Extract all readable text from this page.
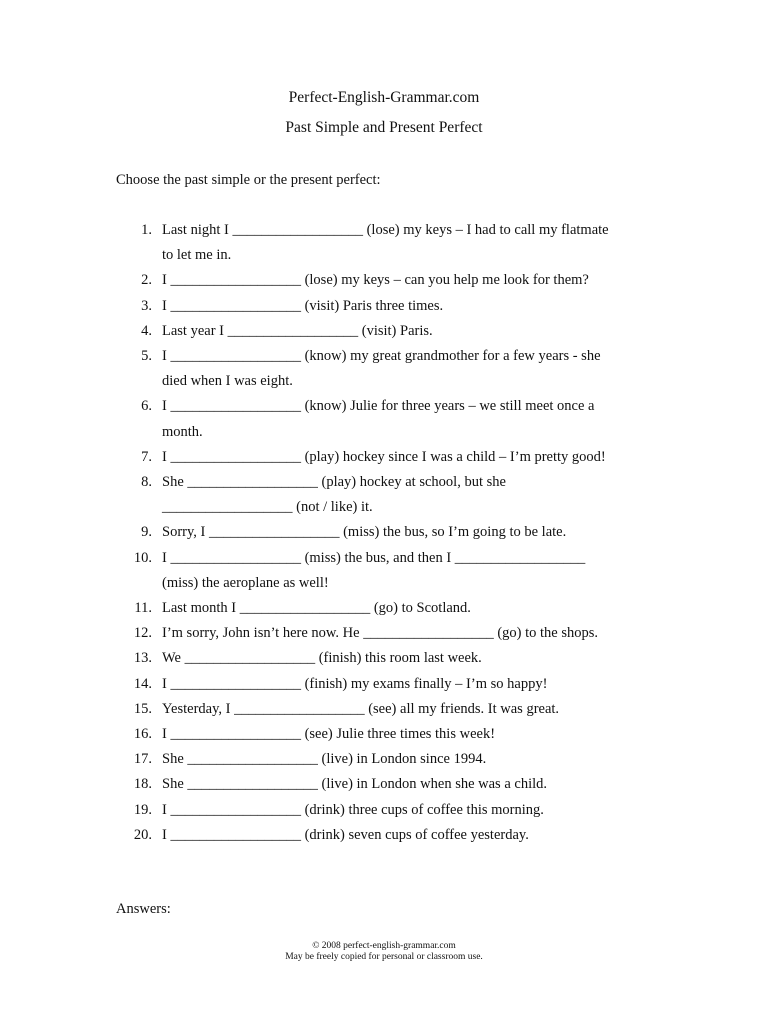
Perfect-English-Grammar.com
Past Simple and Present Perfect
Choose the past simple or the present perfect:
1. Last night I __________________ (lose) my keys – I had to call my flatmate
to let me in.
2. I __________________ (lose) my keys – can you help me look for them?
3. I __________________ (visit) Paris three times.
4. Last year I __________________ (visit) Paris.
5. I __________________ (know) my great grandmother for a few years - she
died when I was eight.
6. I __________________ (know) Julie for three years – we still meet once a
month.
7. I __________________ (play) hockey since I was a child – I’m pretty good!
8. She __________________ (play) hockey at school, but she
__________________ (not / like) it.
9. Sorry, I __________________ (miss) the bus, so I’m going to be late.
10. I __________________ (miss) the bus, and then I __________________
(miss) the aeroplane as well!
11. Last month I __________________ (go) to Scotland.
12. I’m sorry, John isn’t here now. He __________________ (go) to the shops.
13. We __________________ (finish) this room last week.
14. I __________________ (finish) my exams finally – I’m so happy!
15. Yesterday, I __________________ (see) all my friends. It was great.
16. I __________________ (see) Julie three times this week!
17. She __________________ (live) in London since 1994.
18. She __________________ (live) in London when she was a child.
19. I __________________ (drink) three cups of coffee this morning.
20. I __________________ (drink) seven cups of coffee yesterday.
Answers:
© 2008 perfect-english-grammar.com
May be freely copied for personal or classroom use.
